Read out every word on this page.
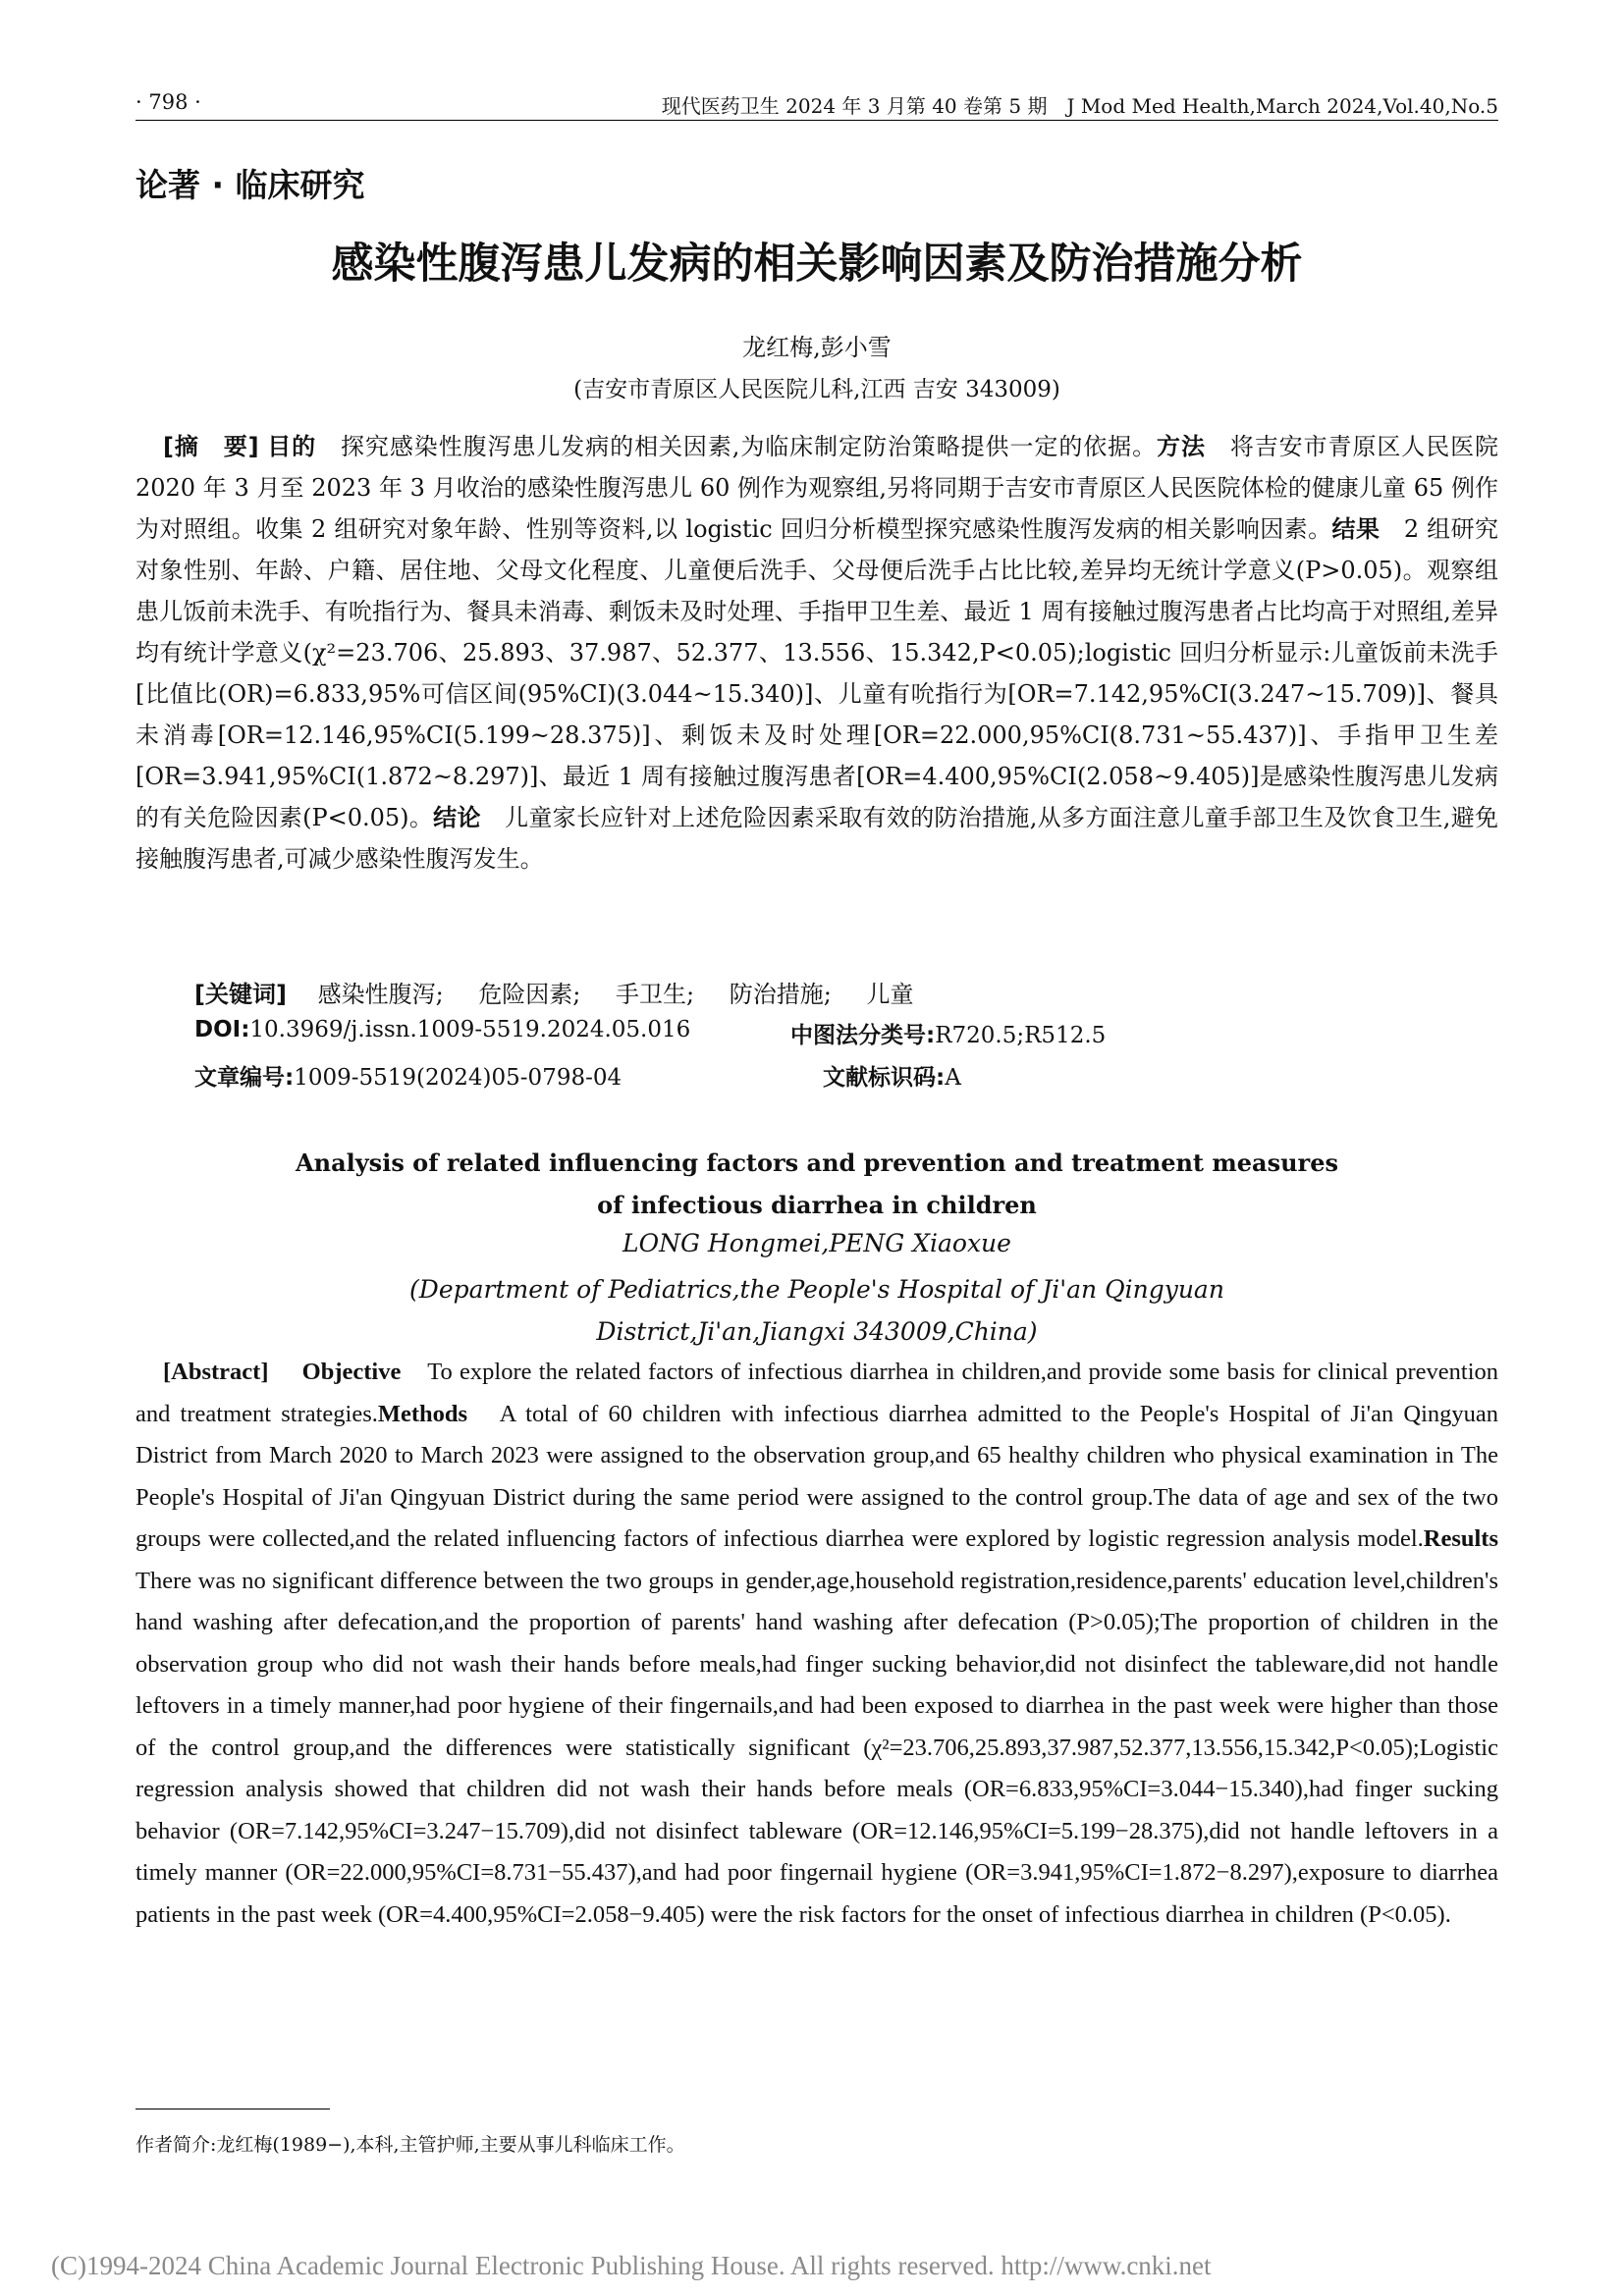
· 798 ·	现代医药卫生 2024 年 3 月第 40 卷第 5 期　J Mod Med Health,March 2024,Vol.40,No.5
论著 · 临床研究
感染性腹泻患儿发病的相关影响因素及防治措施分析
龙红梅,彭小雪
(吉安市青原区人民医院儿科,江西 吉安 343009)

[摘　要] 目的　 探究感染性腹泻患儿发病的相关因素,为临床制定防治策略提供一定的依据。方法　 将吉安市青原区人民医院 2020 年 3 月至 2023 年 3 月收治的感染性腹泻患儿 60 例作为观察组,另将同期于吉安市青原区人民医院体检的健康儿童 65 例作为对照组。收集 2 组研究对象年龄、性别等资料,以 logistic 回归分析模型探究感染性腹泻发病的相关影响因素。结果　 2 组研究对象性别、年龄、户籍、居住地、父母文化程度、儿童便后洗手、父母便后洗手占比比较,差异均无统计学意义(P>0.05)。观察组患儿饭前未洗手、有吮指行为、餐具未消毒、剩饭未及时处理、手指甲卫生差、最近 1 周有接触过腹泻患者占比均高于对照组,差异均有统计学意义(χ²=23.706、25.893、37.987、52.377、13.556、15.342,P<0.05);logistic 回归分析显示:儿童饭前未洗手[比值比(OR)=6.833,95%可信区间(95%CI)(3.044~15.340)]、儿童有吮指行为[OR=7.142,95%CI(3.247~15.709)]、餐具未消毒[OR=12.146,95%CI(5.199~28.375)]、剩饭未及时处理[OR=22.000,95%CI(8.731~55.437)]、手指甲卫生差[OR=3.941,95%CI(1.872~8.297)]、最近 1 周有接触过腹泻患者[OR=4.400,95%CI(2.058~9.405)]是感染性腹泻患儿发病的有关危险因素(P<0.05)。结论　 儿童家长应针对上述危险因素采取有效的防治措施,从多方面注意儿童手部卫生及饮食卫生,避免接触腹泻患者,可减少感染性腹泻发生。

[关键词]　 感染性腹泻; 危险因素; 手卫生; 防治措施; 儿童
DOI:10.3969/j.issn.1009-5519.2024.05.016	中图法分类号:R720.5;R512.5
文章编号:1009-5519(2024)05-0798-04	文献标识码:A
Analysis of related influencing factors and prevention and treatment measures
of infectious diarrhea in children
LONG Hongmei,PENG Xiaoxue
(Department of Pediatrics,the People's Hospital of Ji'an Qingyuan
District,Ji'an,Jiangxi 343009,China)

[Abstract]　 Objective　 To explore the related factors of infectious diarrhea in children,and provide some basis for clinical prevention and treatment strategies.Methods　 A total of 60 children with infectious diarrhea admitted to the People's Hospital of Ji'an Qingyuan District from March 2020 to March 2023 were assigned to the observation group,and 65 healthy children who physical examination in The People's Hospital of Ji'an Qingyuan District during the same period were assigned to the control group.The data of age and sex of the two groups were collected,and the related influencing factors of infectious diarrhea were explored by logistic regression analysis model.Results　There was no significant difference between the two groups in gender,age,household registration,residence,parents' education level,children's hand washing after defecation,and the proportion of parents' hand washing after defecation (P>0.05);The proportion of children in the observation group who did not wash their hands before meals,had finger sucking behavior,did not disinfect the tableware,did not handle leftovers in a timely manner,had poor hygiene of their fingernails,and had been exposed to diarrhea in the past week were higher than those of the control group,and the differences were statistically significant (χ²=23.706,25.893,37.987,52.377,13.556,15.342,P<0.05);Logistic regression analysis showed that children did not wash their hands before meals (OR=6.833,95%CI=3.044−15.340),had finger sucking behavior (OR=7.142,95%CI=3.247−15.709),did not disinfect tableware (OR=12.146,95%CI=5.199−28.375),did not handle leftovers in a timely manner (OR=22.000,95%CI=8.731−55.437),and had poor fingernail hygiene (OR=3.941,95%CI=1.872−8.297),exposure to diarrhea patients in the past week (OR=4.400,95%CI=2.058−9.405) were the risk factors for the onset of infectious diarrhea in children (P<0.05).

作者简介:龙红梅(1989−),本科,主管护师,主要从事儿科临床工作。
(C)1994-2024 China Academic Journal Electronic Publishing House. All rights reserved. http://www.cnki.net
